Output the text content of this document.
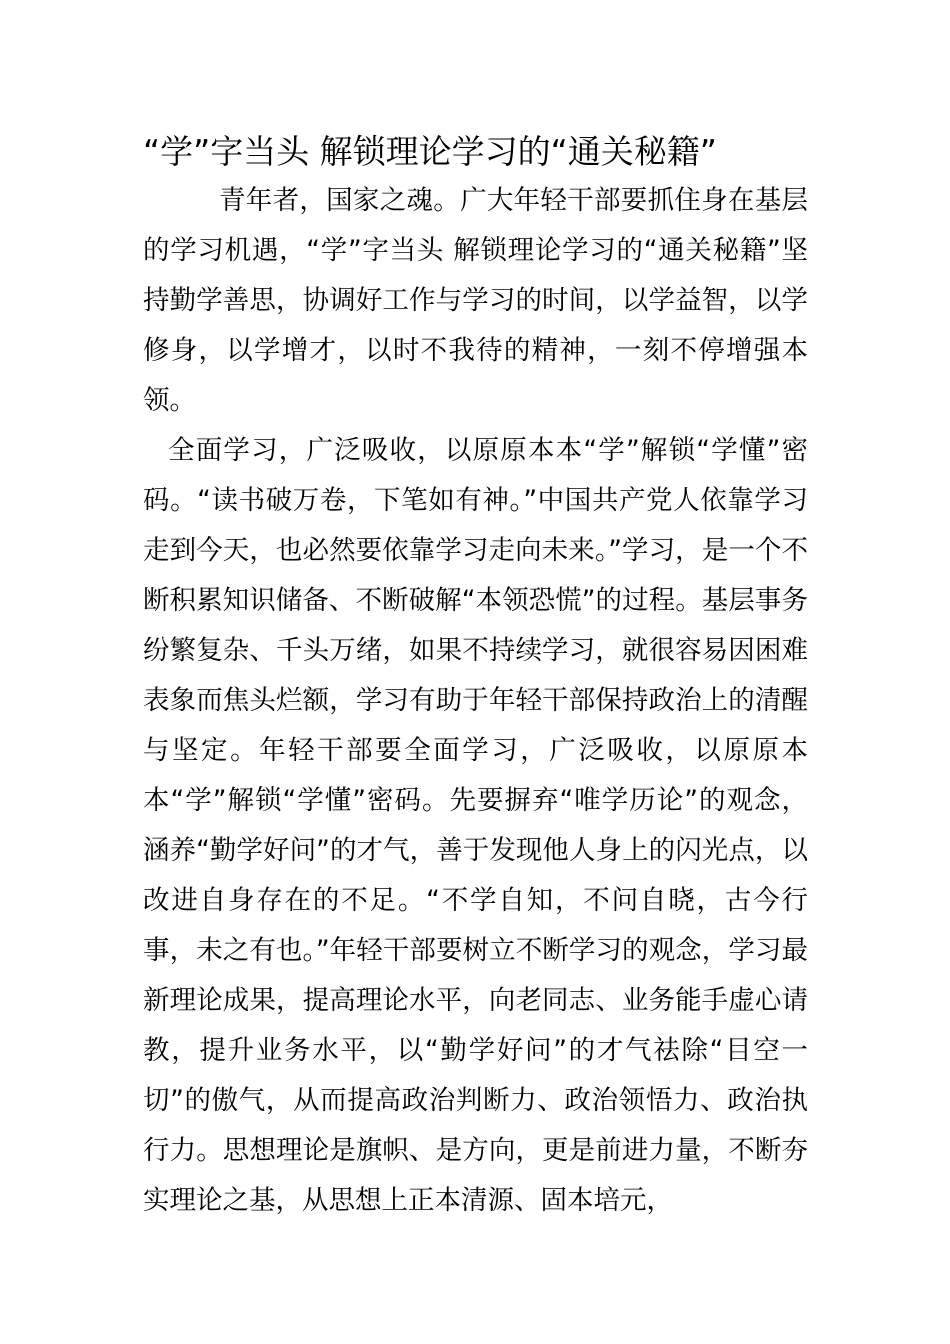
“学”字当头 解锁理论学习的“通关秘籍”

青年者，国家之魂。广大年轻干部要抓住身在基层的学习机遇，“学”字当头 解锁理论学习的“通关秘籍”坚持勤学善思，协调好工作与学习的时间，以学益智，以学修身，以学增才，以时不我待的精神，一刻不停增强本领。

全面学习，广泛吸收，以原原本本“学”解锁“学懂”密码。“读书破万卷，下笔如有神。”中国共产党人依靠学习走到今天，也必然要依靠学习走向未来。”学习，是一个不断积累知识储备、不断破解“本领恐慌”的过程。基层事务纷繁复杂、千头万绪，如果不持续学习，就很容易因困难表象而焦头烂额，学习有助于年轻干部保持政治上的清醒与坚定。年轻干部要全面学习，广泛吸收，以原原本本“学”解锁“学懂”密码。先要摒弃“唯学历论”的观念，涵养“勤学好问”的才气，善于发现他人身上的闪光点，以改进自身存在的不足。“不学自知，不问自晓，古今行事，未之有也。”年轻干部要树立不断学习的观念，学习最新理论成果，提高理论水平，向老同志、业务能手虚心请教，提升业务水平，以“勤学好问”的才气祛除“目空一切”的傲气，从而提高政治判断力、政治领悟力、政治执行力。思想理论是旗帜、是方向，更是前进力量，不断夯实理论之基，从思想上正本清源、固本培元，
